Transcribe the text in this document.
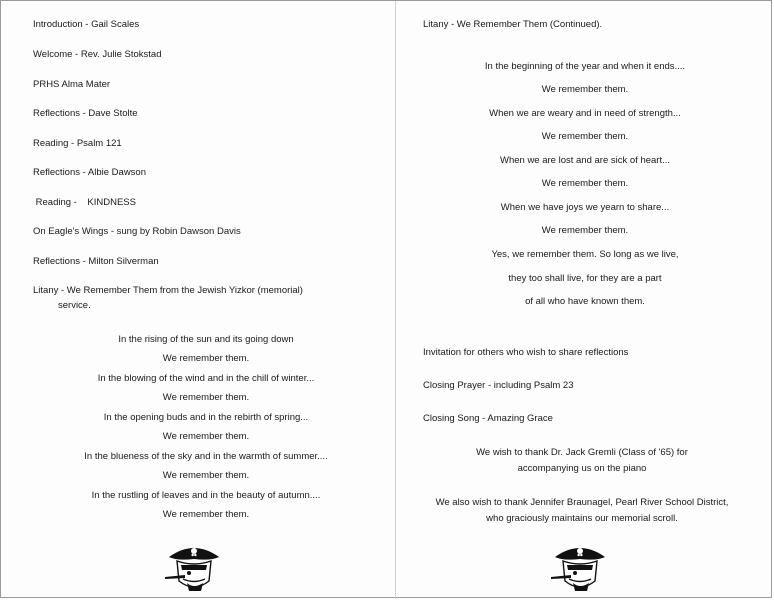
Introduction - Gail Scales
Welcome - Rev. Julie Stokstad
PRHS Alma Mater
Reflections - Dave Stolte
Reading - Psalm 121
Reflections - Albie Dawson
Reading -    KINDNESS
On Eagle's Wings - sung by Robin Dawson Davis
Reflections - Milton Silverman
Litany - We Remember Them from the Jewish Yizkor (memorial)
service.
In the rising of the sun and its going down
We remember them.
In the blowing of the wind and in the chill of winter...
We remember them.
In the opening buds and in the rebirth of spring...
We remember them.
In the blueness of the sky and in the warmth of summer....
We remember them.
In the rustling of leaves and in the beauty of autumn....
We remember them.
Litany - We Remember Them (Continued).
In the beginning of the year and when it ends....
We remember them.
When we are weary and in need of strength...
We remember them.
When we are lost and are sick of heart...
We remember them.
When we have joys we yearn to share...
We remember them.
Yes, we remember them. So long as we live,
they too shall live, for they are a part
of all who have known them.
Invitation for others who wish to share reflections
Closing Prayer - including Psalm 23
Closing Song - Amazing Grace
We wish to thank Dr. Jack Gremli (Class of '65) for
accompanying us on the piano
We also wish to thank Jennifer Braunagel, Pearl River School District,
who graciously maintains our memorial scroll.
